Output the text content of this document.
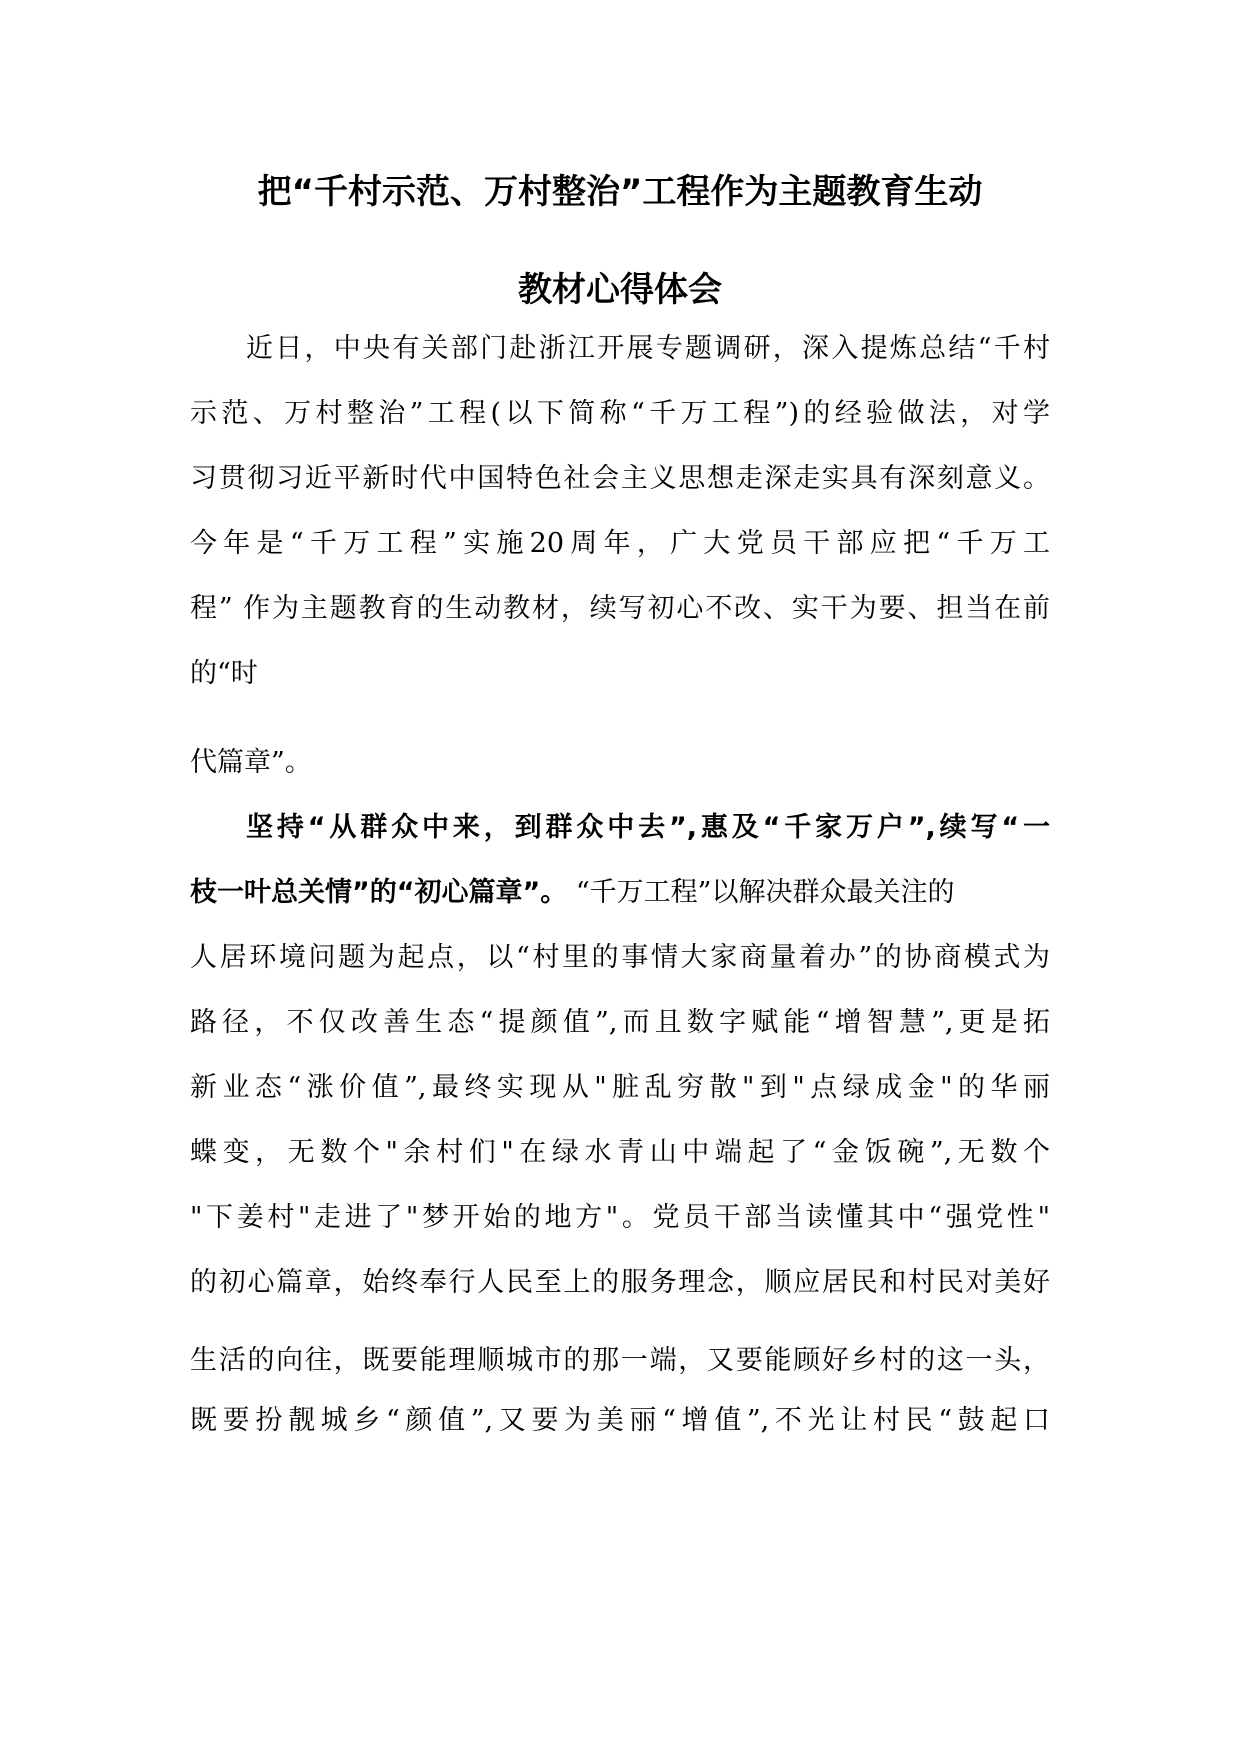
把“千村示范、万村整治”工程作为主题教育生动
教材心得体会
近日，中央有关部门赴浙江开展专题调研，深入提炼总结“千村
示范、万村整治”工程(以下简称“千万工程”)的经验做法，对学
习贯彻习近平新时代中国特色社会主义思想走深走实具有深刻意义。
今年是“千万工程”实施20周年，广大党员干部应把“千万工
程” 作为主题教育的生动教材，续写初心不改、实干为要、担当在前
的“时
代篇章”。
坚持“从群众中来，到群众中去”,惠及“千家万户”,续写“一
枝一叶总关情”的“初心篇章”。 “千万工程”以解决群众最关注的
人居环境问题为起点，以“村里的事情大家商量着办”的协商模式为
路径，不仅改善生态“提颜值”,而且数字赋能“增智慧”,更是拓
新业态“涨价值”,最终实现从"脏乱穷散"到"点绿成金"的华丽
蝶变，无数个"余村们"在绿水青山中端起了“金饭碗”,无数个
"下姜村"走进了"梦开始的地方"。党员干部当读懂其中“强党性"
的初心篇章，始终奉行人民至上的服务理念，顺应居民和村民对美好
生活的向往，既要能理顺城市的那一端，又要能顾好乡村的这一头，
既要扮靓城乡“颜值”,又要为美丽“增值”,不光让村民“鼓起口
